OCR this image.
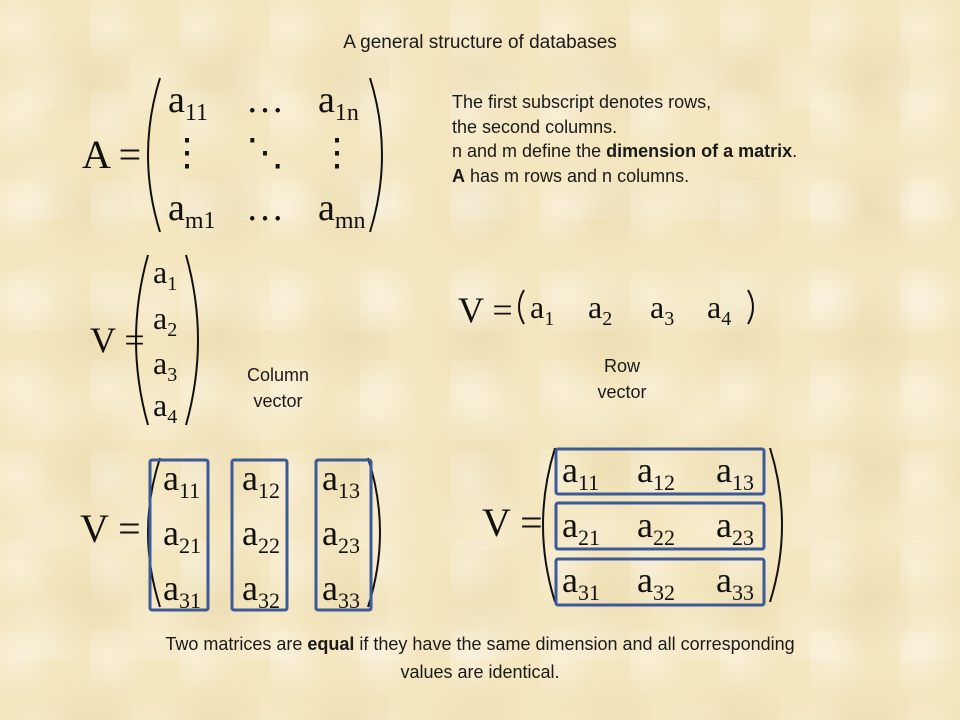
A general structure of databases
The first subscript denotes rows,
the second columns.
n and m define the dimension of a matrix.
A has m rows and n columns.
Column
vector
Row
vector
Two matrices are equal if they have the same dimension and all corresponding
values are identical.
A =
$a_{11}$ … $a_{1n}$
⋮ ⋱ ⋮
$a_{m1}$ … $a_{mn}$
V =
$a_1$
$a_2$
$a_3$
$a_4$
$V = a_1$ $a_2$ $a_3$ $a_4$
V =
$a_{11}$ $a_{12}$ $a_{13}$
$a_{21}$ $a_{22}$ $a_{23}$
$a_{31}$ $a_{32}$ $a_{33}$
V =
$a_{11}$ $a_{12}$ $a_{13}$
$a_{21}$ $a_{22}$ $a_{23}$
$a_{31}$ $a_{32}$ $a_{33}$
